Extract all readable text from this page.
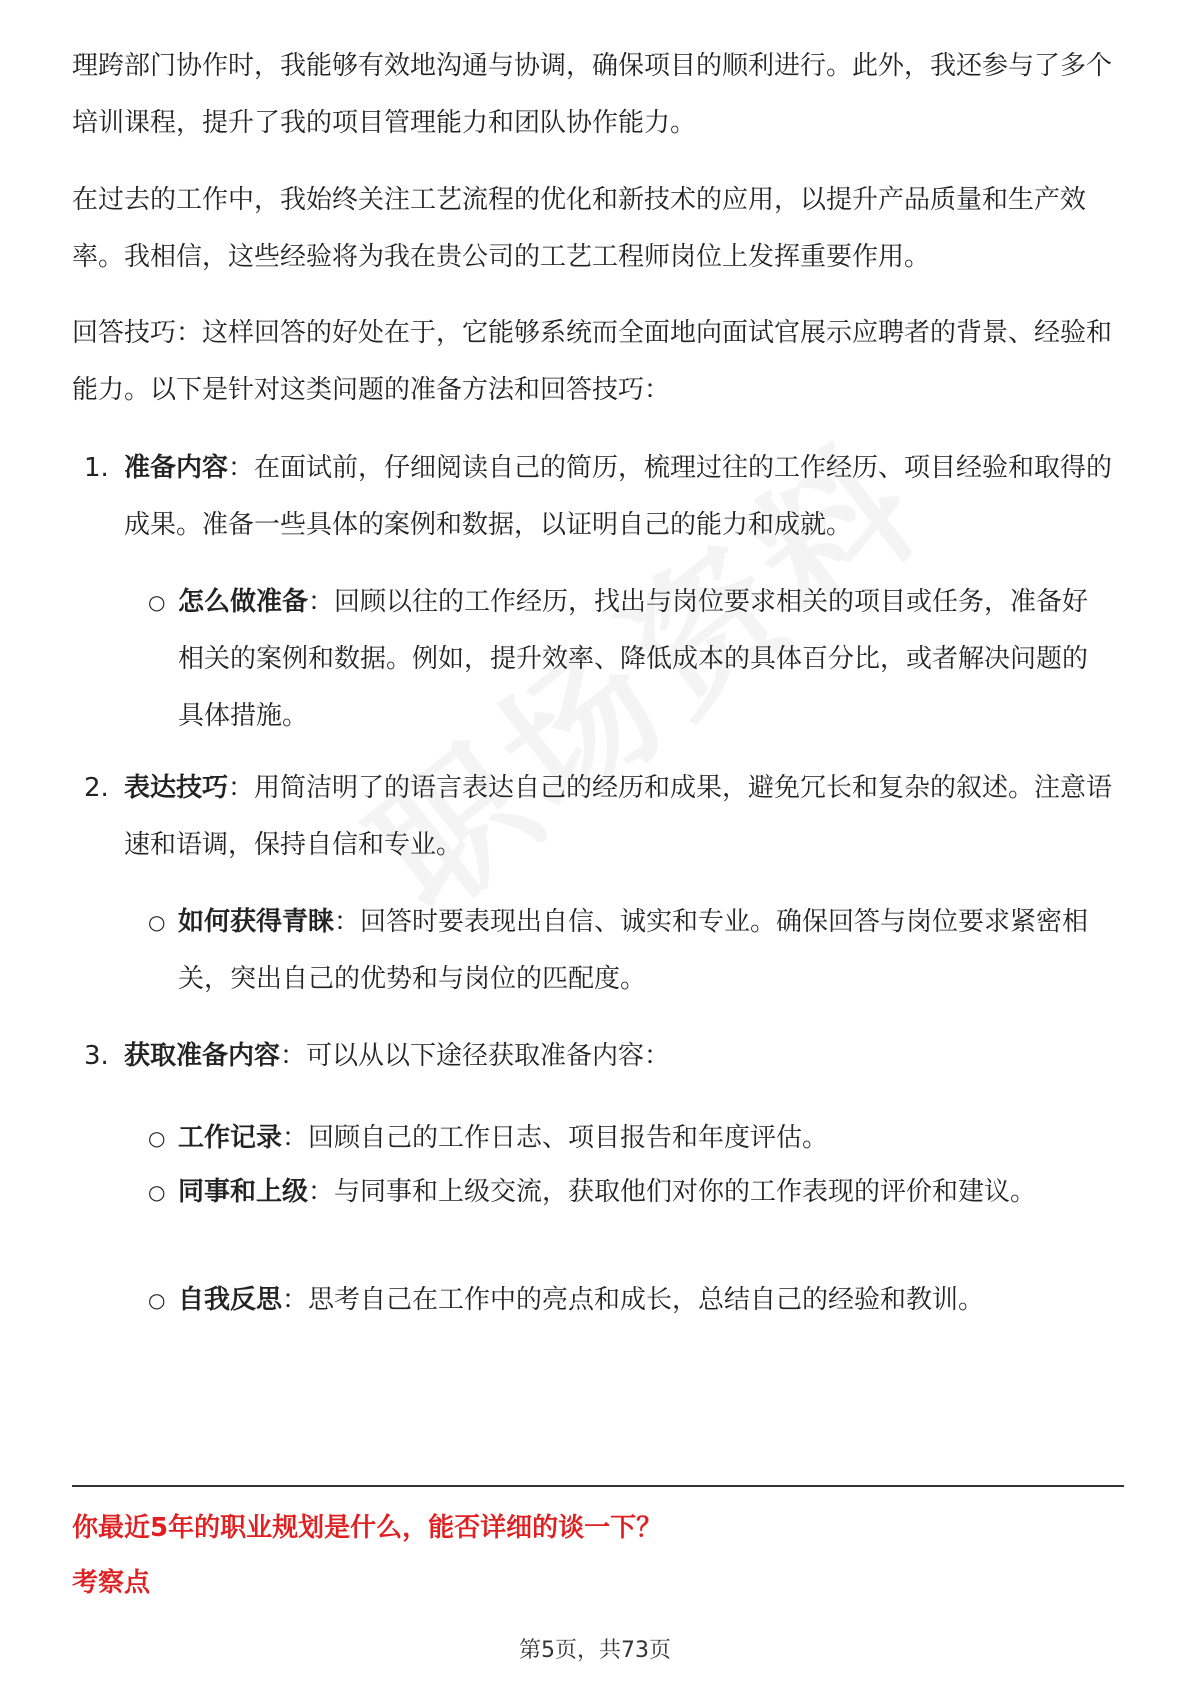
理跨部门协作时，我能够有效地沟通与协调，确保项目的顺利进行。此外，我还参与了多个培训课程，提升了我的项目管理能力和团队协作能力。

在过去的工作中，我始终关注工艺流程的优化和新技术的应用，以提升产品质量和生产效率。我相信，这些经验将为我在贵公司的工艺工程师岗位上发挥重要作用。

回答技巧：这样回答的好处在于，它能够系统而全面地向面试官展示应聘者的背景、经验和能力。以下是针对这类问题的准备方法和回答技巧：

1. 准备内容：在面试前，仔细阅读自己的简历，梳理过往的工作经历、项目经验和取得的成果。准备一些具体的案例和数据，以证明自己的能力和成就。
○ 怎么做准备：回顾以往的工作经历，找出与岗位要求相关的项目或任务，准备好相关的案例和数据。例如，提升效率、降低成本的具体百分比，或者解决问题的具体措施。
2. 表达技巧：用简洁明了的语言表达自己的经历和成果，避免冗长和复杂的叙述。注意语速和语调，保持自信和专业。
○ 如何获得青睐：回答时要表现出自信、诚实和专业。确保回答与岗位要求紧密相关，突出自己的优势和与岗位的匹配度。
3. 获取准备内容：可以从以下途径获取准备内容：
○ 工作记录：回顾自己的工作日志、项目报告和年度评估。
○ 同事和上级：与同事和上级交流，获取他们对你的工作表现的评价和建议。
○ 自我反思：思考自己在工作中的亮点和成长，总结自己的经验和教训。
你最近5年的职业规划是什么，能否详细的谈一下？
考察点
第5页，共73页
